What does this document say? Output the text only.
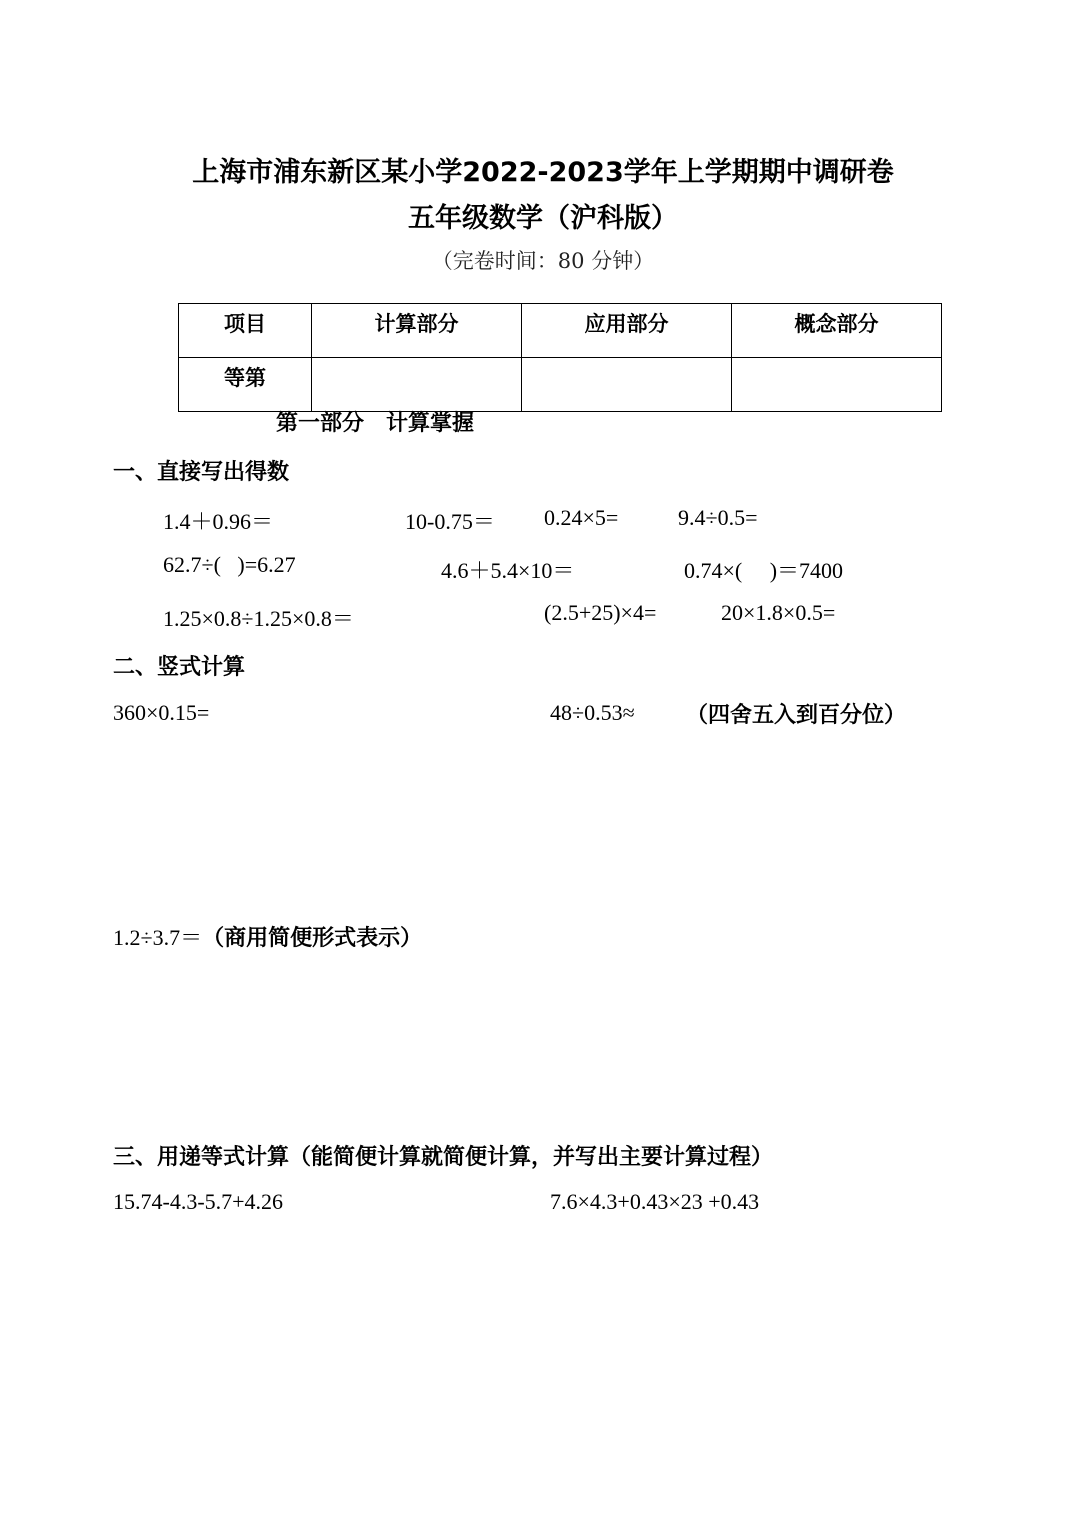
上海市浦东新区某小学2022-2023学年上学期期中调研卷
五年级数学（沪科版）
（完卷时间：80 分钟）
项目	计算部分	应用部分	概念部分
等第			
第一部分　计算掌握
一、直接写出得数
1.4＋0.96＝	10-0.75＝ 0.24×5=	9.4÷0.5=
62.7÷(   )=6.27	4.6＋5.4×10＝	0.74×(     )＝7400
1.25×0.8÷1.25×0.8＝	(2.5+25)×4=	20×1.8×0.5=
二、竖式计算
360×0.15=	48÷0.53≈ （四舍五入到百分位）
1.2÷3.7＝（商用简便形式表示）
三、用递等式计算（能简便计算就简便计算，并写出主要计算过程）
15.74-4.3-5.7+4.26	7.6×4.3+0.43×23 +0.43
